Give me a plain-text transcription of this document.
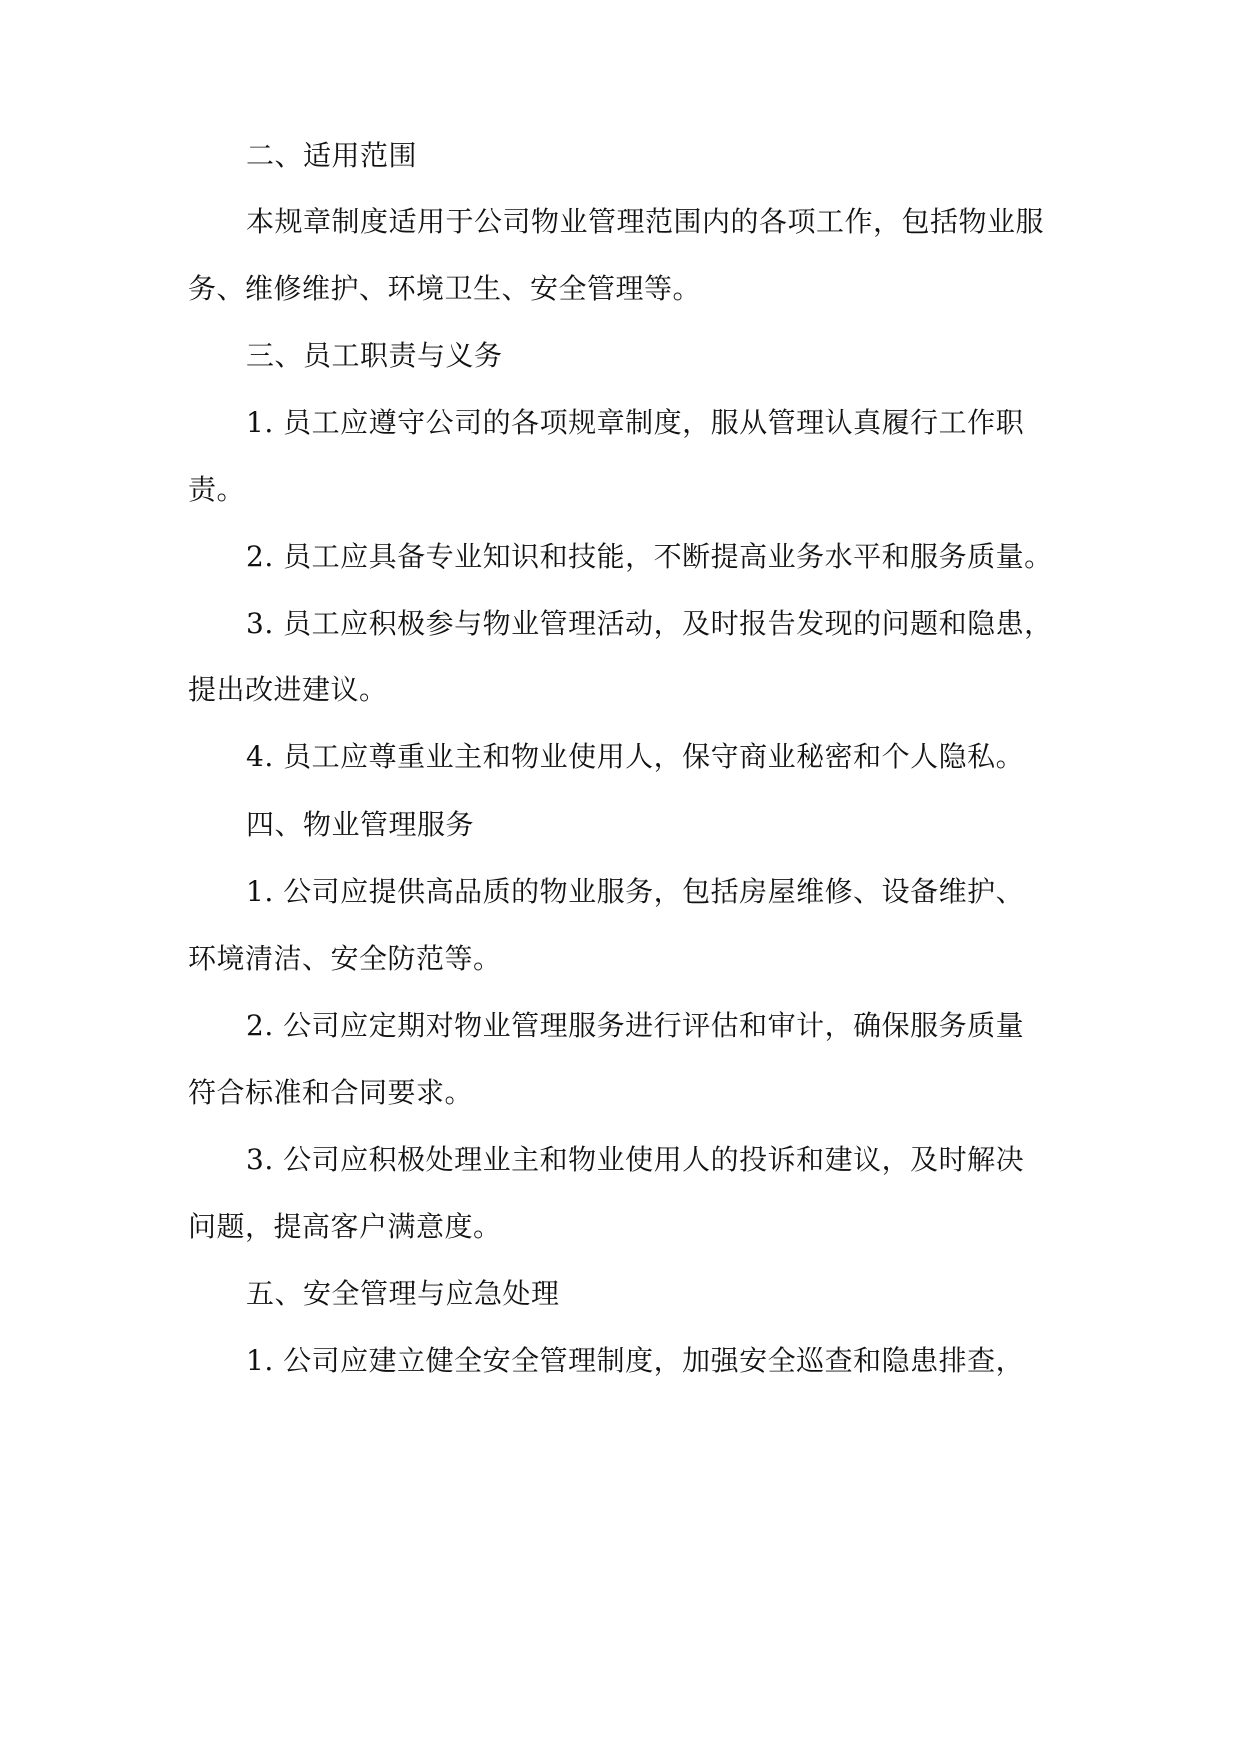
二、适用范围

本规章制度适用于公司物业管理范围内的各项工作，包括物业服

务、维修维护、环境卫生、安全管理等。

三、员工职责与义务

1. 员工应遵守公司的各项规章制度，服从管理认真履行工作职

责。

2. 员工应具备专业知识和技能，不断提高业务水平和服务质量。

3. 员工应积极参与物业管理活动，及时报告发现的问题和隐患，

提出改进建议。

4. 员工应尊重业主和物业使用人，保守商业秘密和个人隐私。

四、物业管理服务

1. 公司应提供高品质的物业服务，包括房屋维修、设备维护、

环境清洁、安全防范等。

2. 公司应定期对物业管理服务进行评估和审计，确保服务质量

符合标准和合同要求。

3. 公司应积极处理业主和物业使用人的投诉和建议，及时解决

问题，提高客户满意度。

五、安全管理与应急处理

1. 公司应建立健全安全管理制度，加强安全巡查和隐患排查，
